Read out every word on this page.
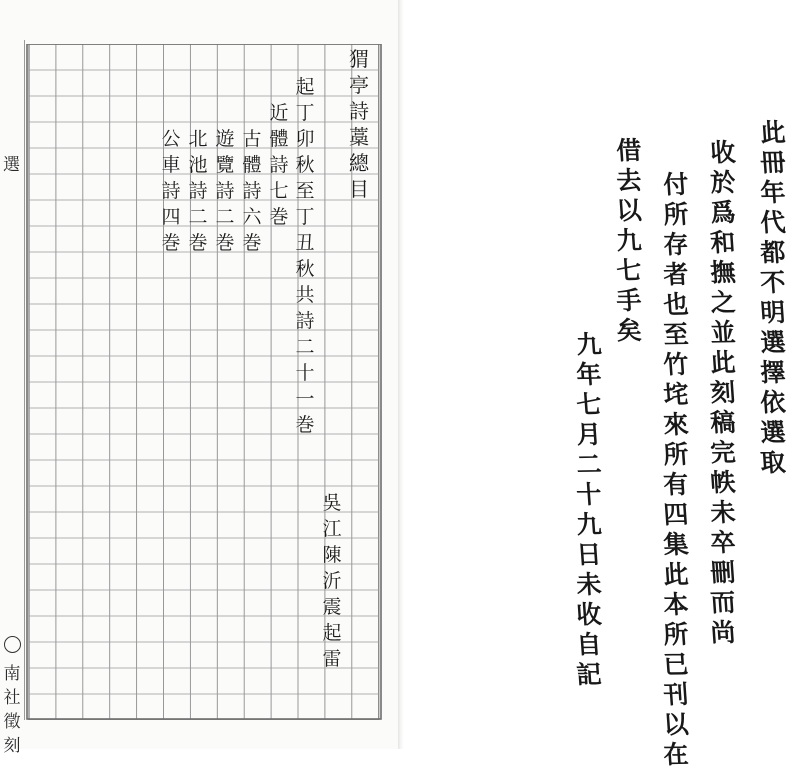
選
南社徵刻
猬
亭
詩
藁
總
目
起
丁
卯
秋
至
丁
丑
秋
共
詩
二
十
一
巻
近
體
詩
七
巻
古
體
詩
六
巻
遊
覽
詩
二
巻
北
池
詩
二
巻
公
車
詩
四
巻
吳
江
陳
沂
震
起
雷
此
冊
年
代
都
不
明
選
擇
依
選
取
收
於
爲
和
撫
之
並
此
刻
稿
完
帙
未
卒
刪
而
尚
付
所
存
者
也
至
竹
垞
來
所
有
四
集
此
本
所
已
刊
以
在
借
去
以
九
七
手
矣
九
年
七
月
二
十
九
日
未
收
自
記
